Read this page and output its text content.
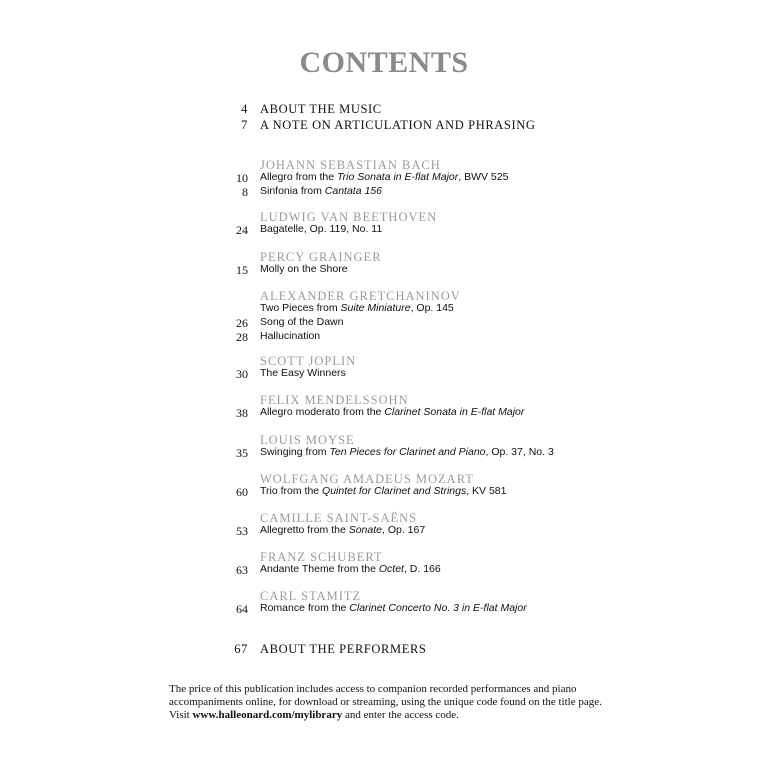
CONTENTS
4 ABOUT THE MUSIC
7 A NOTE ON ARTICULATION AND PHRASING
JOHANN SEBASTIAN BACH
10 Allegro from the Trio Sonata in E-flat Major, BWV 525
8 Sinfonia from Cantata 156
LUDWIG VAN BEETHOVEN
24 Bagatelle, Op. 119, No. 11
PERCY GRAINGER
15 Molly on the Shore
ALEXANDER GRETCHANINOV
Two Pieces from Suite Miniature, Op. 145
26 Song of the Dawn
28 Hallucination
SCOTT JOPLIN
30 The Easy Winners
FELIX MENDELSSOHN
38 Allegro moderato from the Clarinet Sonata in E-flat Major
LOUIS MOYSE
35 Swinging from Ten Pieces for Clarinet and Piano, Op. 37, No. 3
WOLFGANG AMADEUS MOZART
60 Trio from the Quintet for Clarinet and Strings, KV 581
CAMILLE SAINT-SAËNS
53 Allegretto from the Sonate, Op. 167
FRANZ SCHUBERT
63 Andante Theme from the Octet, D. 166
CARL STAMITZ
64 Romance from the Clarinet Concerto No. 3 in E-flat Major
67 ABOUT THE PERFORMERS
The price of this publication includes access to companion recorded performances and piano accompaniments online, for download or streaming, using the unique code found on the title page. Visit www.halleonard.com/mylibrary and enter the access code.
